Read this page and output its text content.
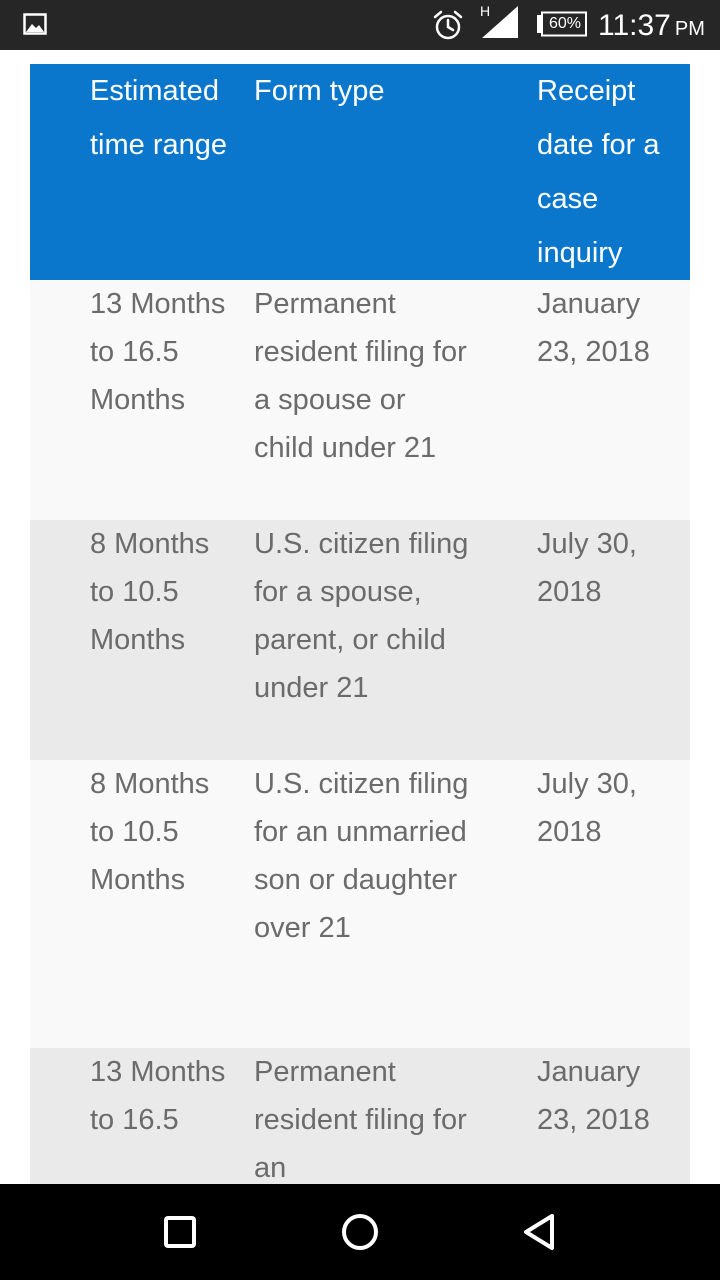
H
60% 11:37 PM
Estimated time range
Form type	Receipt date for a case inquiry
13 Months to 16.5 Months
Permanent resident filing for a spouse or child under 21
January 23, 2018
8 Months to 10.5 Months
U.S. citizen filing for a spouse, parent, or child under 21
July 30, 2018
8 Months to 10.5 Months
U.S. citizen filing for an unmarried son or daughter over 21
July 30, 2018
13 Months to 16.5
Permanent resident filing for an
January 23, 2018
